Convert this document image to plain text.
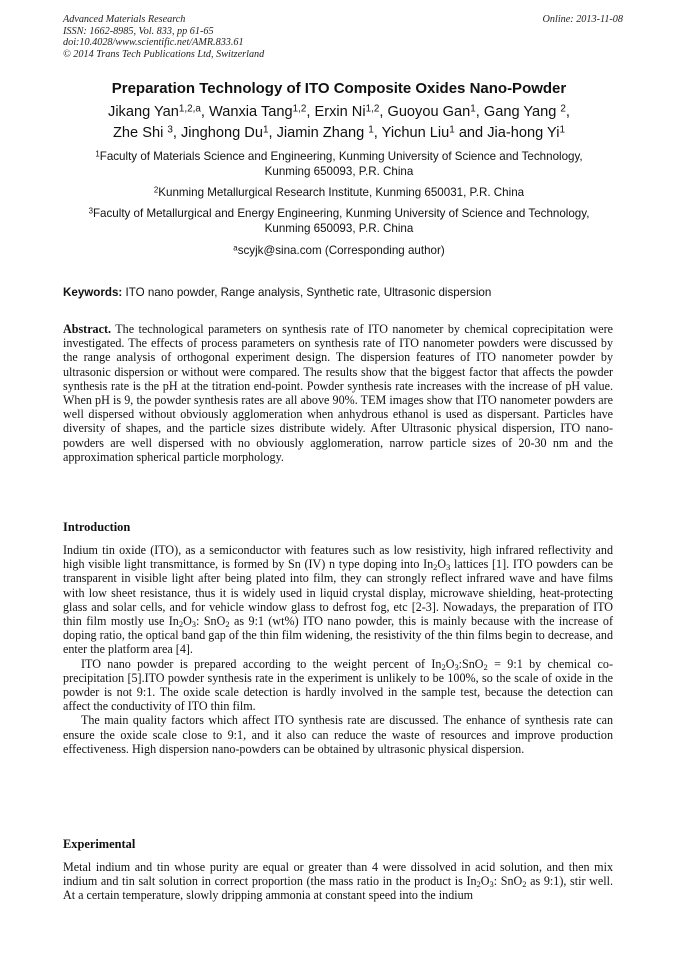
Advanced Materials Research
ISSN: 1662-8985, Vol. 833, pp 61-65
doi:10.4028/www.scientific.net/AMR.833.61
© 2014 Trans Tech Publications Ltd, Switzerland
Online: 2013-11-08
Preparation Technology of ITO Composite Oxides Nano-Powder
Jikang Yan$^{1,2,a}$, Wanxia Tang$^{1,2}$, Erxin Ni$^{1,2}$, Guoyou Gan$^1$, Gang Yang $^2$,
Zhe Shi $^3$, Jinghong Du$^1$, Jiamin Zhang $^1$, Yichun Liu$^1$ and Jia-hong Yi$^1$
$^1$Faculty of Materials Science and Engineering, Kunming University of Science and Technology,
Kunming 650093, P.R. China
$^2$Kunming Metallurgical Research Institute, Kunming 650031, P.R. China
$^3$Faculty of Metallurgical and Energy Engineering, Kunming University of Science and Technology,
Kunming 650093, P.R. China
$^a$scyjk@sina.com (Corresponding author)
Keywords: ITO nano powder, Range analysis, Synthetic rate, Ultrasonic dispersion

Abstract. The technological parameters on synthesis rate of ITO nanometer by chemical coprecipitation were investigated. The effects of process parameters on synthesis rate of ITO nanometer powders were discussed by the range analysis of orthogonal experiment design. The dispersion features of ITO nanometer powder by ultrasonic dispersion or without were compared. The results show that the biggest factor that affects the powder synthesis rate is the pH at the titration end-point. Powder synthesis rate increases with the increase of pH value. When pH is 9, the powder synthesis rates are all above 90%. TEM images show that ITO nanometer powders are well dispersed without obviously agglomeration when anhydrous ethanol is used as dispersant. Particles have diversity of shapes, and the particle sizes distribute widely. After Ultrasonic physical dispersion, ITO nano-powders are well dispersed with no obviously agglomeration, narrow particle sizes of 20-30 nm and the approximation spherical particle morphology.

Introduction

Indium tin oxide (ITO), as a semiconductor with features such as low resistivity, high infrared reflectivity and high visible light transmittance, is formed by Sn (IV) n type doping into $In_2O_3$ lattices [1]. ITO powders can be transparent in visible light after being plated into film, they can strongly reflect infrared wave and have films with low sheet resistance, thus it is widely used in liquid crystal display, microwave shielding, heat-protecting glass and solar cells, and for vehicle window glass to defrost fog, etc [2-3]. Nowadays, the preparation of ITO thin film mostly use $In_2O_3$: SnO$_2$ as 9:1 (wt%) ITO nano powder, this is mainly because with the increase of doping ratio, the optical band gap of the thin film widening, the resistivity of the thin films begin to decrease, and enter the platform area [4].

ITO nano powder is prepared according to the weight percent of $In_2O_3:SnO_2$ = 9:1 by chemical co-precipitation [5].ITO powder synthesis rate in the experiment is unlikely to be 100%, so the scale of oxide in the powder is not 9:1. The oxide scale detection is hardly involved in the sample test, because the detection can affect the conductivity of ITO thin film.

The main quality factors which affect ITO synthesis rate are discussed. The enhance of synthesis rate can ensure the oxide scale close to 9:1, and it also can reduce the waste of resources and improve production effectiveness. High dispersion nano-powders can be obtained by ultrasonic physical dispersion.

Experimental

Metal indium and tin whose purity are equal or greater than 4 were dissolved in acid solution, and then mix indium and tin salt solution in correct proportion (the mass ratio in the product is $In_2O_3$: SnO$_2$ as 9:1), stir well. At a certain temperature, slowly dripping ammonia at constant speed into the indium
